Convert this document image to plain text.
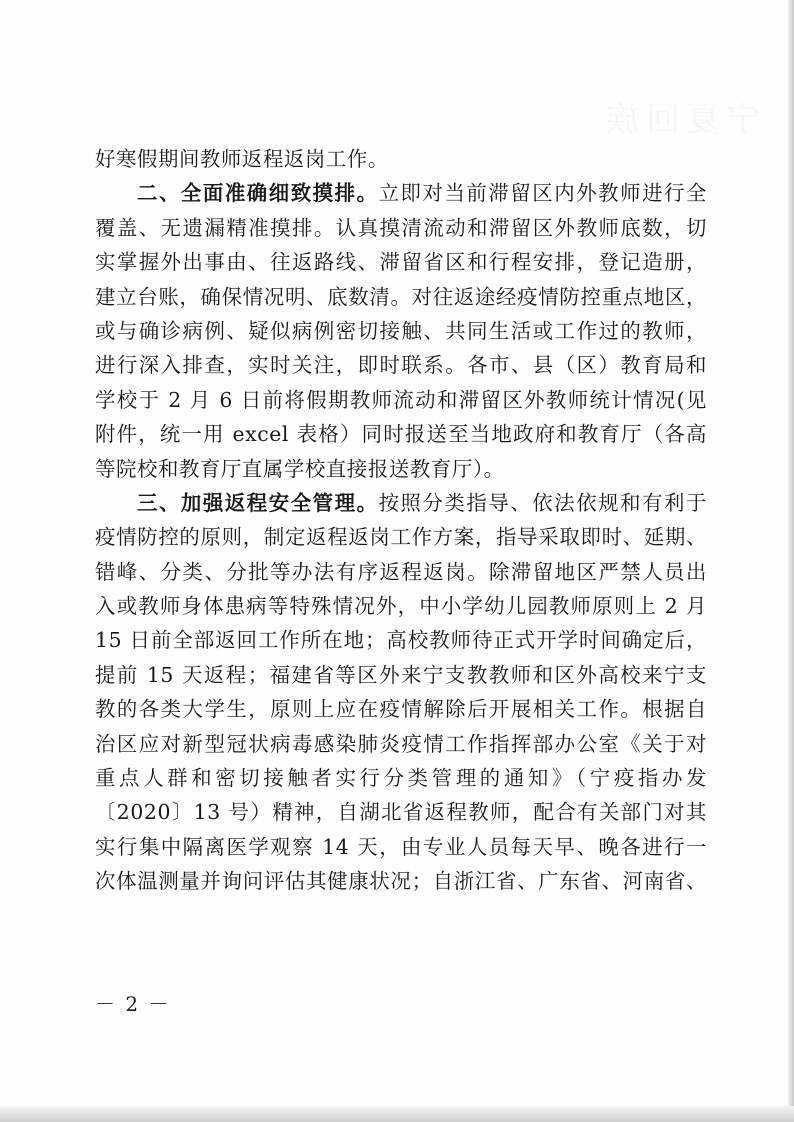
宁夏回族
好寒假期间教师返程返岗工作。
二、全面准确细致摸排。立即对当前滞留区内外教师进行全
覆盖、无遗漏精准摸排。认真摸清流动和滞留区外教师底数，切
实掌握外出事由、往返路线、滞留省区和行程安排，登记造册，
建立台账，确保情况明、底数清。对往返途经疫情防控重点地区，
或与确诊病例、疑似病例密切接触、共同生活或工作过的教师，
进行深入排查，实时关注，即时联系。各市、县（区）教育局和
学校于 2 月 6 日前将假期教师流动和滞留区外教师统计情况(见
附件，统一用 excel 表格）同时报送至当地政府和教育厅（各高
等院校和教育厅直属学校直接报送教育厅）。
三、加强返程安全管理。按照分类指导、依法依规和有利于
疫情防控的原则，制定返程返岗工作方案，指导采取即时、延期、
错峰、分类、分批等办法有序返程返岗。除滞留地区严禁人员出
入或教师身体患病等特殊情况外，中小学幼儿园教师原则上 2 月
15 日前全部返回工作所在地；高校教师待正式开学时间确定后，
提前 15 天返程；福建省等区外来宁支教教师和区外高校来宁支
教的各类大学生，原则上应在疫情解除后开展相关工作。根据自
治区应对新型冠状病毒感染肺炎疫情工作指挥部办公室《关于对
重点人群和密切接触者实行分类管理的通知》（宁疫指办发
〔2020〕13 号）精神，自湖北省返程教师，配合有关部门对其
实行集中隔离医学观察 14 天，由专业人员每天早、晚各进行一
次体温测量并询问评估其健康状况；自浙江省、广东省、河南省、
－ 2 －
